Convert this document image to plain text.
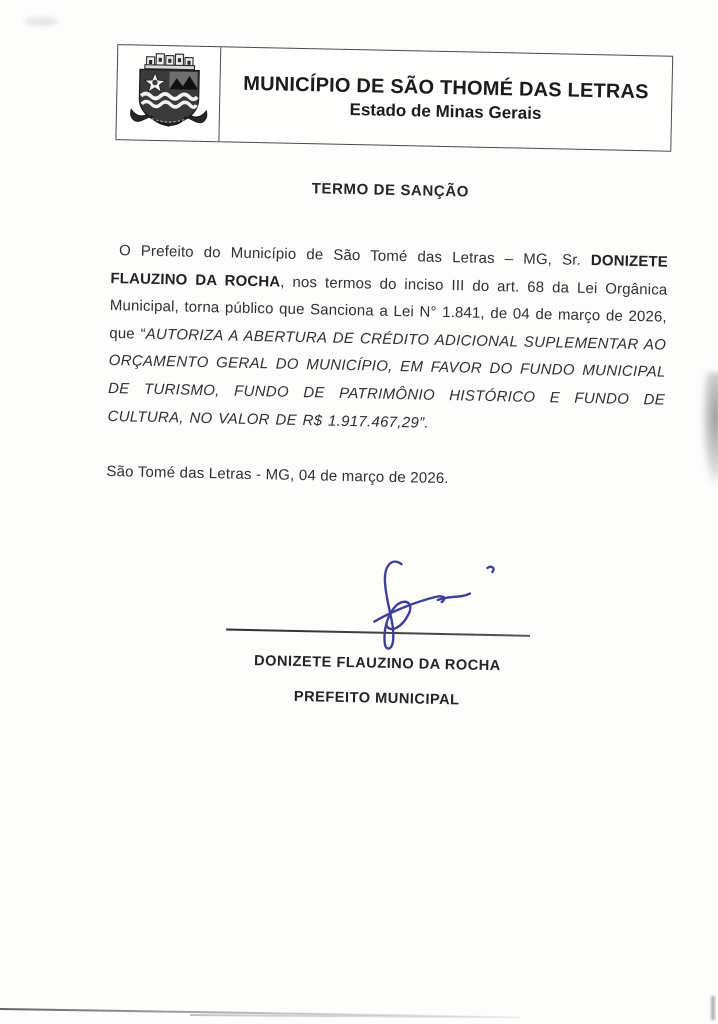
MUNICÍPIO DE SÃO THOMÉ DAS LETRAS
Estado de Minas Gerais
TERMO DE SANÇÃO

O Prefeito do Município de São Tomé das Letras – MG, Sr. DONIZETE FLAUZINO DA ROCHA, nos termos do inciso III do art. 68 da Lei Orgânica Municipal, torna público que Sanciona a Lei N° 1.841, de 04 de março de 2026, que “AUTORIZA A ABERTURA DE CRÉDITO ADICIONAL SUPLEMENTAR AO ORÇAMENTO GERAL DO MUNICÍPIO, EM FAVOR DO FUNDO MUNICIPAL DE TURISMO, FUNDO DE PATRIMÔNIO HISTÓRICO E FUNDO DE CULTURA, NO VALOR DE R$ 1.917.467,29”.

São Tomé das Letras - MG, 04 de março de 2026.
DONIZETE FLAUZINO DA ROCHA
PREFEITO MUNICIPAL
